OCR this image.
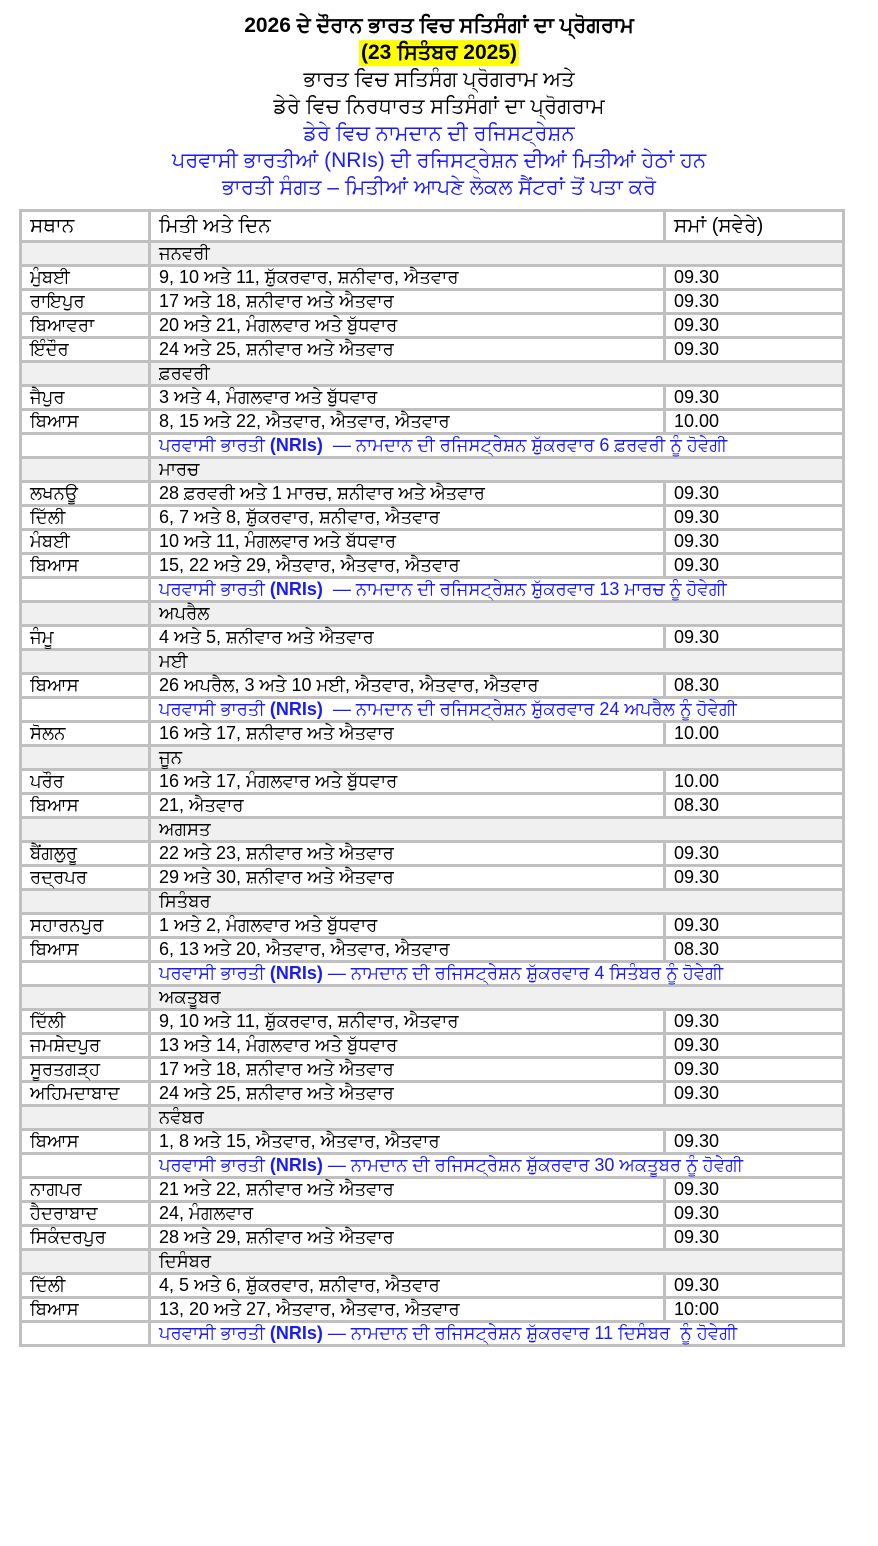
2026 ਦੇ ਦੌਰਾਨ ਭਾਰਤ ਵਿਚ ਸਤਿਸੰਗਾਂ ਦਾ ਪ੍ਰੋਗਰਾਮ
(23 ਸਿਤੰਬਰ 2025)
ਭਾਰਤ ਵਿਚ ਸਤਿਸੰਗ ਪ੍ਰੋਗਰਾਮ ਅਤੇ
ਡੇਰੇ ਵਿਚ ਨਿਰਧਾਰਤ ਸਤਿਸੰਗਾਂ ਦਾ ਪ੍ਰੋਗਰਾਮ
ਡੇਰੇ ਵਿਚ ਨਾਮਦਾਨ ਦੀ ਰਜਿਸਟ੍ਰੇਸ਼ਨ
ਪਰਵਾਸੀ ਭਾਰਤੀਆਂ (NRIs) ਦੀ ਰਜਿਸਟ੍ਰੇਸ਼ਨ ਦੀਆਂ ਮਿਤੀਆਂ ਹੇਠਾਂ ਹਨ
ਭਾਰਤੀ ਸੰਗਤ – ਮਿਤੀਆਂ ਆਪਣੇ ਲੋਕਲ ਸੈਂਟਰਾਂ ਤੋਂ ਪਤਾ ਕਰੋ
ਸਥਾਨ	ਮਿਤੀ ਅਤੇ ਦਿਨ	ਸਮਾਂ (ਸਵੇਰੇ)
	ਜਨਵਰੀ	
ਮੁੰਬਈ	9, 10 ਅਤੇ 11, ਸ਼ੁੱਕਰਵਾਰ, ਸ਼ਨੀਵਾਰ, ਐਤਵਾਰ	09.30
ਰਾਇਪੁਰ	17 ਅਤੇ 18, ਸ਼ਨੀਵਾਰ ਅਤੇ ਐਤਵਾਰ	09.30
ਬਿਆਵਰਾ	20 ਅਤੇ 21, ਮੰਗਲਵਾਰ ਅਤੇ ਬੁੱਧਵਾਰ	09.30
ਇੰਦੌਰ	24 ਅਤੇ 25, ਸ਼ਨੀਵਾਰ ਅਤੇ ਐਤਵਾਰ	09.30
	ਫ਼ਰਵਰੀ	
ਜੈਪੁਰ	3 ਅਤੇ 4, ਮੰਗਲਵਾਰ ਅਤੇ ਬੁੱਧਵਾਰ	09.30
ਬਿਆਸ	8, 15 ਅਤੇ 22, ਐਤਵਾਰ, ਐਤਵਾਰ, ਐਤਵਾਰ	10.00
	ਪਰਵਾਸੀ ਭਾਰਤੀ (NRIs)  — ਨਾਮਦਾਨ ਦੀ ਰਜਿਸਟ੍ਰੇਸ਼ਨ ਸ਼ੁੱਕਰਵਾਰ 6 ਫ਼ਰਵਰੀ ਨੂੰ ਹੋਵੇਗੀ	
	ਮਾਰਚ	
ਲਖਨਊ	28 ਫ਼ਰਵਰੀ ਅਤੇ 1 ਮਾਰਚ, ਸ਼ਨੀਵਾਰ ਅਤੇ ਐਤਵਾਰ	09.30
ਦਿੱਲੀ	6, 7 ਅਤੇ 8, ਸ਼ੁੱਕਰਵਾਰ, ਸ਼ਨੀਵਾਰ, ਐਤਵਾਰ	09.30
ਮੰਬਈ	10 ਅਤੇ 11, ਮੰਗਲਵਾਰ ਅਤੇ ਬੱਧਵਾਰ	09.30
ਬਿਆਸ	15, 22 ਅਤੇ 29, ਐਤਵਾਰ, ਐਤਵਾਰ, ਐਤਵਾਰ	09.30
	ਪਰਵਾਸੀ ਭਾਰਤੀ (NRIs)  — ਨਾਮਦਾਨ ਦੀ ਰਜਿਸਟ੍ਰੇਸ਼ਨ ਸ਼ੁੱਕਰਵਾਰ 13 ਮਾਰਚ ਨੂੰ ਹੋਵੇਗੀ	
	ਅਪਰੈਲ	
ਜੰਮੂ	4 ਅਤੇ 5, ਸ਼ਨੀਵਾਰ ਅਤੇ ਐਤਵਾਰ	09.30
	ਮਈ	
ਬਿਆਸ	26 ਅਪਰੈਲ, 3 ਅਤੇ 10 ਮਈ, ਐਤਵਾਰ, ਐਤਵਾਰ, ਐਤਵਾਰ	08.30
	ਪਰਵਾਸੀ ਭਾਰਤੀ (NRIs)  — ਨਾਮਦਾਨ ਦੀ ਰਜਿਸਟ੍ਰੇਸ਼ਨ ਸ਼ੁੱਕਰਵਾਰ 24 ਅਪਰੈਲ ਨੂੰ ਹੋਵੇਗੀ	
ਸੋਲਨ	16 ਅਤੇ 17, ਸ਼ਨੀਵਾਰ ਅਤੇ ਐਤਵਾਰ	10.00
	ਜੂਨ	
ਪਰੌਰ	16 ਅਤੇ 17, ਮੰਗਲਵਾਰ ਅਤੇ ਬੁੱਧਵਾਰ	10.00
ਬਿਆਸ	21, ਐਤਵਾਰ	08.30
	ਅਗਸਤ	
ਬੈਂਗਲੁਰੂ	22 ਅਤੇ 23, ਸ਼ਨੀਵਾਰ ਅਤੇ ਐਤਵਾਰ	09.30
ਰਦ੍ਰਪਰ	29 ਅਤੇ 30, ਸ਼ਨੀਵਾਰ ਅਤੇ ਐਤਵਾਰ	09.30
	ਸਿਤੰਬਰ	
ਸਹਾਰਨਪੁਰ	1 ਅਤੇ 2, ਮੰਗਲਵਾਰ ਅਤੇ ਬੁੱਧਵਾਰ	09.30
ਬਿਆਸ	6, 13 ਅਤੇ 20, ਐਤਵਾਰ, ਐਤਵਾਰ, ਐਤਵਾਰ	08.30
	ਪਰਵਾਸੀ ਭਾਰਤੀ (NRIs) — ਨਾਮਦਾਨ ਦੀ ਰਜਿਸਟ੍ਰੇਸ਼ਨ ਸ਼ੁੱਕਰਵਾਰ 4 ਸਿਤੰਬਰ ਨੂੰ ਹੋਵੇਗੀ	
	ਅਕਤੂਬਰ	
ਦਿੱਲੀ	9, 10 ਅਤੇ 11, ਸ਼ੁੱਕਰਵਾਰ, ਸ਼ਨੀਵਾਰ, ਐਤਵਾਰ	09.30
ਜਮਸ਼ੇਦਪੁਰ	13 ਅਤੇ 14, ਮੰਗਲਵਾਰ ਅਤੇ ਬੁੱਧਵਾਰ	09.30
ਸੂਰਤਗੜ੍ਹ	17 ਅਤੇ 18, ਸ਼ਨੀਵਾਰ ਅਤੇ ਐਤਵਾਰ	09.30
ਅਹਿਮਦਾਬਾਦ	24 ਅਤੇ 25, ਸ਼ਨੀਵਾਰ ਅਤੇ ਐਤਵਾਰ	09.30
	ਨਵੰਬਰ	
ਬਿਆਸ	1, 8 ਅਤੇ 15, ਐਤਵਾਰ, ਐਤਵਾਰ, ਐਤਵਾਰ	09.30
	ਪਰਵਾਸੀ ਭਾਰਤੀ (NRIs) — ਨਾਮਦਾਨ ਦੀ ਰਜਿਸਟ੍ਰੇਸ਼ਨ ਸ਼ੁੱਕਰਵਾਰ 30 ਅਕਤੂਬਰ ਨੂੰ ਹੋਵੇਗੀ	
ਨਾਗਪਰ	21 ਅਤੇ 22, ਸ਼ਨੀਵਾਰ ਅਤੇ ਐਤਵਾਰ	09.30
ਹੈਦਰਾਬਾਦ	24, ਮੰਗਲਵਾਰ	09.30
ਸਿਕੰਦਰਪੁਰ	28 ਅਤੇ 29, ਸ਼ਨੀਵਾਰ ਅਤੇ ਐਤਵਾਰ	09.30
	ਦਿਸੰਬਰ	
ਦਿੱਲੀ	4, 5 ਅਤੇ 6, ਸ਼ੁੱਕਰਵਾਰ, ਸ਼ਨੀਵਾਰ, ਐਤਵਾਰ	09.30
ਬਿਆਸ	13, 20 ਅਤੇ 27, ਐਤਵਾਰ, ਐਤਵਾਰ, ਐਤਵਾਰ	10:00
	ਪਰਵਾਸੀ ਭਾਰਤੀ (NRIs) — ਨਾਮਦਾਨ ਦੀ ਰਜਿਸਟ੍ਰੇਸ਼ਨ ਸ਼ੁੱਕਰਵਾਰ 11 ਦਿਸੰਬਰ  ਨੂੰ ਹੋਵੇਗੀ	
